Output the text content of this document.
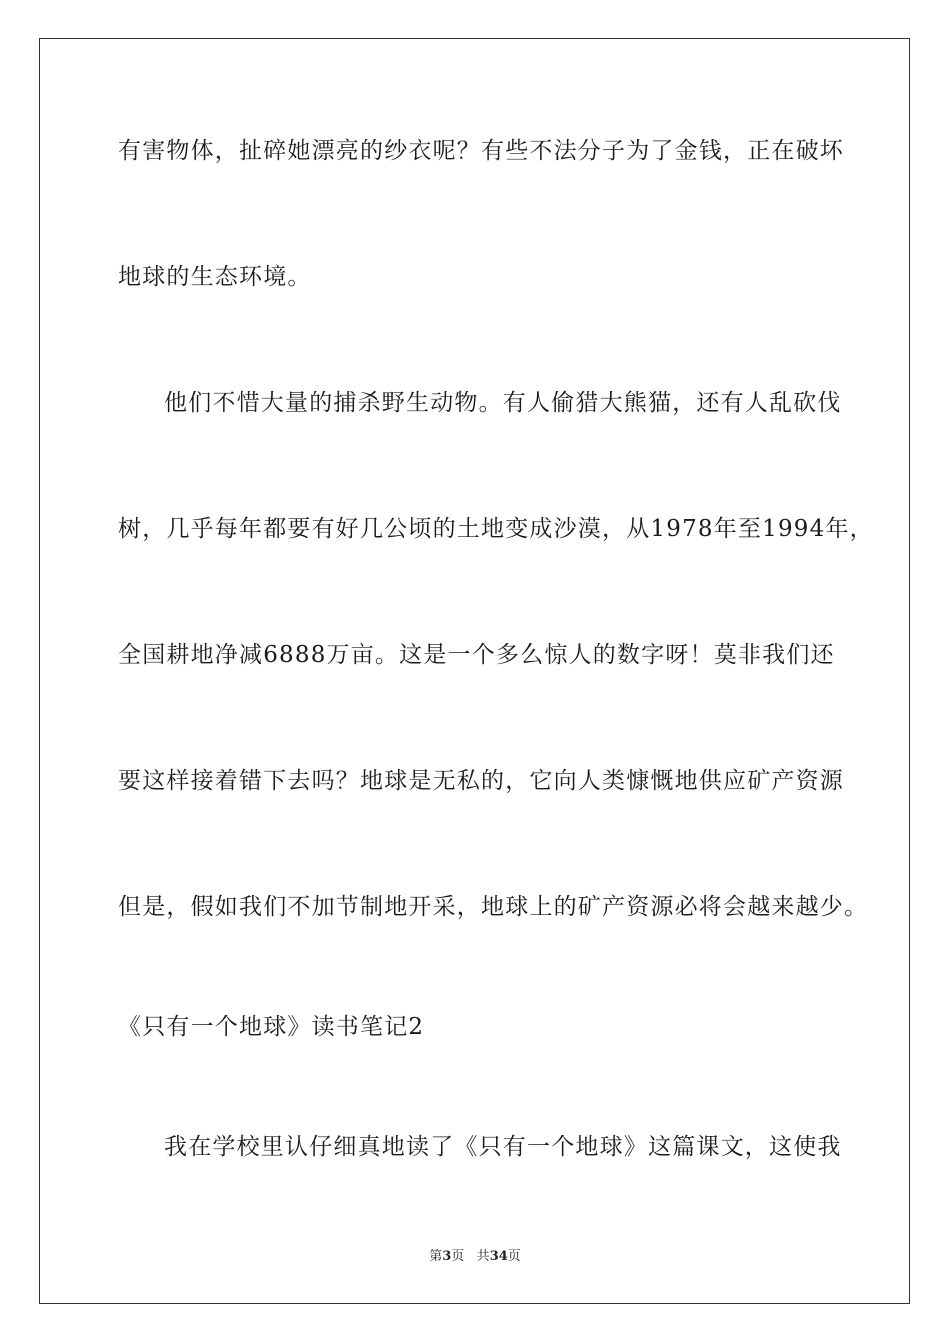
有害物体，扯碎她漂亮的纱衣呢？有些不法分子为了金钱，正在破坏
地球的生态环境。
他们不惜大量的捕杀野生动物。有人偷猎大熊猫，还有人乱砍伐
树，几乎每年都要有好几公顷的土地变成沙漠，从1978年至1994年，
全国耕地净减6888万亩。这是一个多么惊人的数字呀！莫非我们还
要这样接着错下去吗？地球是无私的，它向人类慷慨地供应矿产资源
但是，假如我们不加节制地开采，地球上的矿产资源必将会越来越少。
《只有一个地球》读书笔记2
我在学校里认仔细真地读了《只有一个地球》这篇课文，这使我
第3页 共34页
